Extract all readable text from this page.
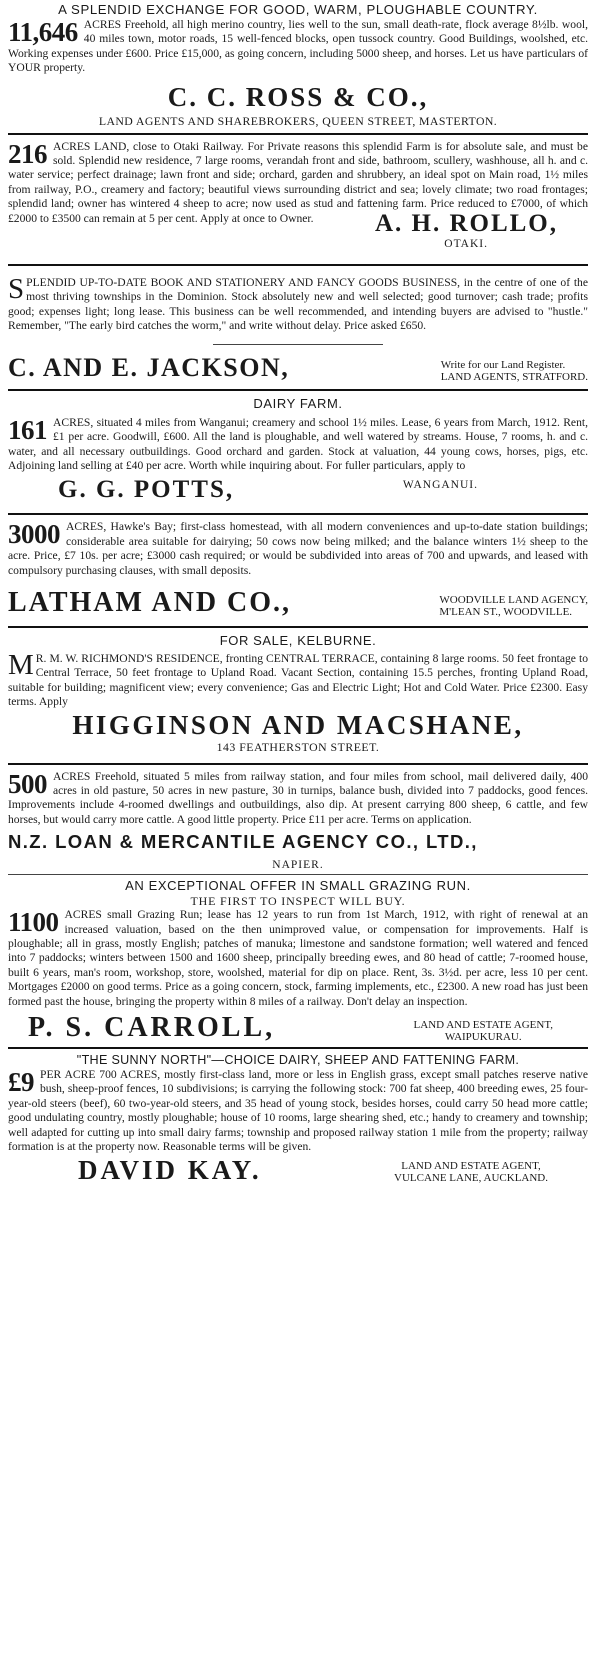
A SPLENDID EXCHANGE FOR GOOD, WARM, PLOUGHABLE COUNTRY.

11,646 ACRES Freehold, all high merino country, lies well to the sun, small death-rate, flock average 8½lb. wool, 40 miles town, motor roads, 15 well-fenced blocks, open tussock country. Good Buildings, woolshed, etc. Working expenses under £600. Price £15,000, as going concern, including 5000 sheep, and horses. Let us have particulars of YOUR property.

C. C. ROSS & CO.,
LAND AGENTS AND SHAREBROKERS, QUEEN STREET, MASTERTON.

216 ACRES LAND, close to Otaki Railway. For Private reasons this splendid Farm is for absolute sale, and must be sold. Splendid new residence, 7 large rooms, verandah front and side, bathroom, scullery, washhouse, all h. and c. water service; perfect drainage; lawn front and side; orchard, garden and shrubbery, an ideal spot on Main road, 1½ miles from railway, P.O., creamery and factory; beautiful views surrounding district and sea; lovely climate; two road frontages; splendid land; owner has wintered 4 sheep to acre; now used as stud and fattening farm. Price reduced to £7000, of which £2000 to £3500 can remain at 5 per cent. Apply at once to Owner.	A. H. ROLLO,
OTAKI.

S PLENDID UP-TO-DATE BOOK AND STATIONERY AND FANCY GOODS BUSINESS, in the centre of one of the most thriving townships in the Dominion. Stock absolutely new and well selected; good turnover; cash trade; profits good; expenses light; long lease. This business can be well recommended, and intending buyers are advised to "hustle." Remember, "The early bird catches the worm," and write without delay. Price asked £650.

C. AND E. JACKSON,	Write for our Land Register.
LAND AGENTS, STRATFORD.
DAIRY FARM.

161 ACRES, situated 4 miles from Wanganui; creamery and school 1½ miles. Lease, 6 years from March, 1912. Rent, £1 per acre. Goodwill, £600. All the land is ploughable, and well watered by streams. House, 7 rooms, h. and c. water, and all necessary outbuildings. Good orchard and garden. Stock at valuation, 44 young cows, horses, pigs, etc. Adjoining land selling at £40 per acre. Worth while inquiring about. For fuller particulars, apply to

G. G. POTTS,	WANGANUI.

3000 ACRES, Hawke's Bay; first-class homestead, with all modern conveniences and up-to-date station buildings; considerable area suitable for dairying; 50 cows now being milked; and the balance winters 1½ sheep to the acre. Price, £7 10s. per acre; £3000 cash required; or would be subdivided into areas of 700 and upwards, and leased with compulsory purchasing clauses, with small deposits.

LATHAM AND CO.,	WOODVILLE LAND AGENCY,
M'LEAN ST., WOODVILLE.
FOR SALE, KELBURNE.

M R. M. W. RICHMOND'S RESIDENCE, fronting CENTRAL TERRACE, containing 8 large rooms. 50 feet frontage to Central Terrace, 50 feet frontage to Upland Road. Vacant Section, containing 15.5 perches, fronting Upland Road, suitable for building; magnificent view; every convenience; Gas and Electric Light; Hot and Cold Water. Price £2300. Easy terms. Apply

HIGGINSON AND MACSHANE,
143 FEATHERSTON STREET.

500 ACRES Freehold, situated 5 miles from railway station, and four miles from school, mail delivered daily, 400 acres in old pasture, 50 acres in new pasture, 30 in turnips, balance bush, divided into 7 paddocks, good fences. Improvements include 4-roomed dwellings and outbuildings, also dip. At present carrying 800 sheep, 6 cattle, and few horses, but would carry more cattle. A good little property. Price £11 per acre. Terms on application.

N.Z. LOAN & MERCANTILE AGENCY CO., LTD.,
NAPIER.
AN EXCEPTIONAL OFFER IN SMALL GRAZING RUN.
THE FIRST TO INSPECT WILL BUY.

1100 ACRES small Grazing Run; lease has 12 years to run from 1st March, 1912, with right of renewal at an increased valuation, based on the then unimproved value, or compensation for improvements. Half is ploughable; all in grass, mostly English; patches of manuka; limestone and sandstone formation; well watered and fenced into 7 paddocks; winters between 1500 and 1600 sheep, principally breeding ewes, and 80 head of cattle; 7-roomed house, built 6 years, man's room, workshop, store, woolshed, material for dip on place. Rent, 3s. 3½d. per acre, less 10 per cent. Mortgages £2000 on good terms. Price as a going concern, stock, farming implements, etc., £2300. A new road has just been formed past the house, bringing the property within 8 miles of a railway. Don't delay an inspection.

P. S. CARROLL,	LAND AND ESTATE AGENT,
WAIPUKURAU.
"THE SUNNY NORTH"—CHOICE DAIRY, SHEEP AND FATTENING FARM.

£9 PER ACRE 700 ACRES, mostly first-class land, more or less in English grass, except small patches reserve native bush, sheep-proof fences, 10 subdivisions; is carrying the following stock: 700 fat sheep, 400 breeding ewes, 25 four-year-old steers (beef), 60 two-year-old steers, and 35 head of young stock, besides horses, could carry 50 head more cattle; good undulating country, mostly ploughable; house of 10 rooms, large shearing shed, etc.; handy to creamery and township; well adapted for cutting up into small dairy farms; township and proposed railway station 1 mile from the property; railway formation is at the property now. Reasonable terms will be given.

DAVID KAY.	LAND AND ESTATE AGENT,
VULCANE LANE, AUCKLAND.
